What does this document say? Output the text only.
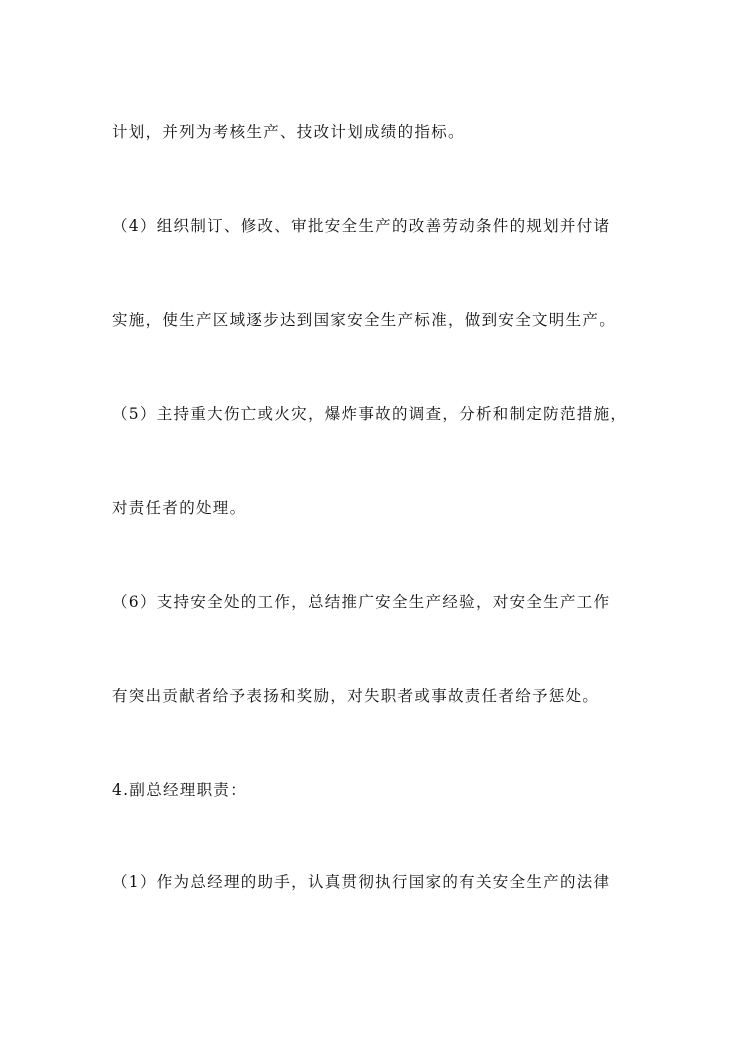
计划，并列为考核生产、技改计划成绩的指标。
（4）组织制订、修改、审批安全生产的改善劳动条件的规划并付诸
实施，使生产区域逐步达到国家安全生产标准，做到安全文明生产。
（5）主持重大伤亡或火灾，爆炸事故的调查，分析和制定防范措施，
对责任者的处理。
（6）支持安全处的工作，总结推广安全生产经验，对安全生产工作
有突出贡献者给予表扬和奖励，对失职者或事故责任者给予惩处。
4.副总经理职责：
（1）作为总经理的助手，认真贯彻执行国家的有关安全生产的法律
